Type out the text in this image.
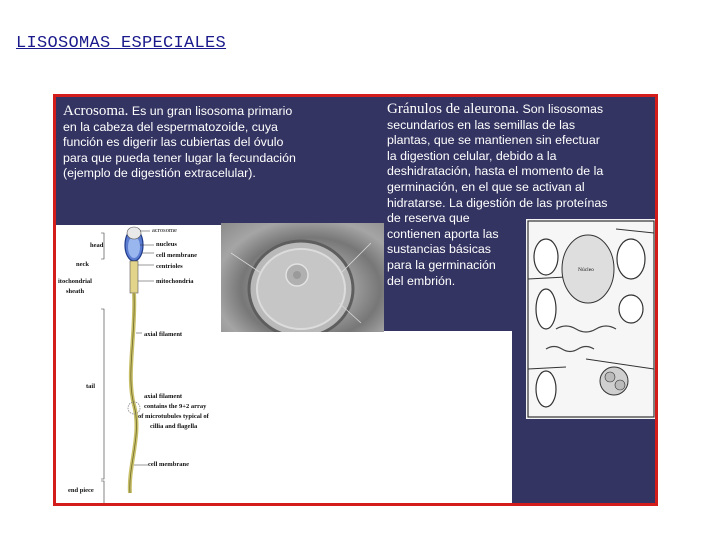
LISOSOMAS ESPECIALES
Acrosoma. Es un gran lisosoma primario
en la cabeza del espermatozoide, cuya
función es digerir las cubiertas del óvulo
para que pueda tener lugar la fecundación
(ejemplo de digestión extracelular).
Gránulos de aleurona. Son lisosomas
secundarios en las semillas de las
plantas, que se mantienen sin efectuar
la digestion celular, debido a la
deshidratación, hasta el momento de la
germinación, en el que se activan al
hidratarse. La digestión de las proteínas
de reserva que
contienen aporta las
sustancias básicas
para la germinación
del embrión.
acrosome
head	nucleus
cell membrane
neck	centrioles
itochondrial
sheath
mitochondria
axial filament
tail
axial filament
contains the 9+2 array
of microtubules typical of
cillia and flagella
cell membrane
end piece
Núcleo
